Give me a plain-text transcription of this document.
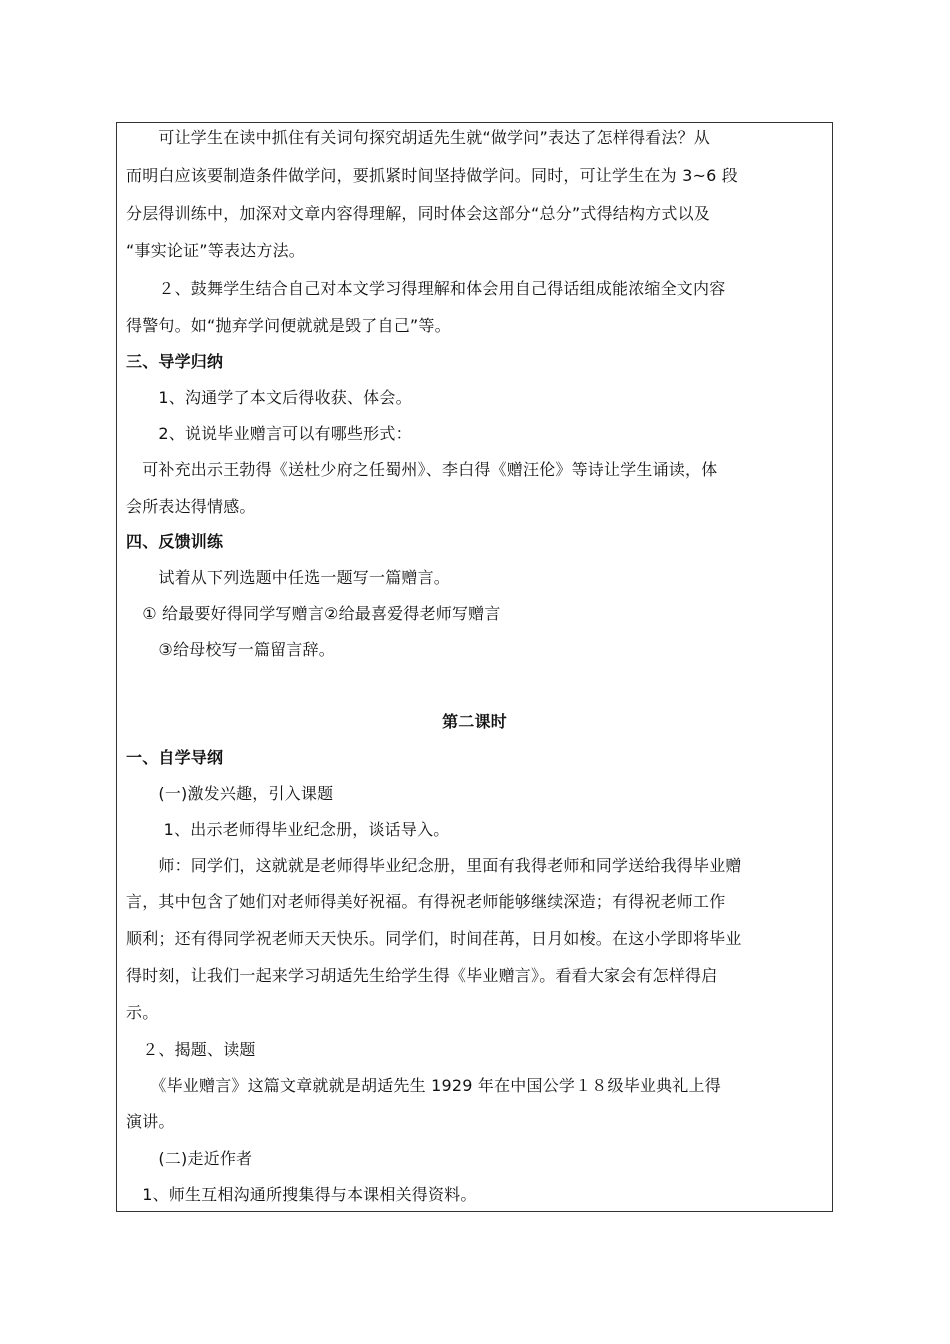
　　可让学生在读中抓住有关词句探究胡适先生就“做学问”表达了怎样得看法？从
而明白应该要制造条件做学问，要抓紧时间坚持做学问。同时，可让学生在为 3~6 段
分层得训练中，加深对文章内容得理解，同时体会这部分“总分”式得结构方式以及
“事实论证”等表达方法。
　　２、鼓舞学生结合自己对本文学习得理解和体会用自己得话组成能浓缩全文内容
得警句。如“抛弃学问便就就是毁了自己”等。
三、导学归纳
　　1、沟通学了本文后得收获、体会。
　　2、说说毕业赠言可以有哪些形式：
　可补充出示王勃得《送杜少府之任蜀州》、李白得《赠汪伦》等诗让学生诵读，体
会所表达得情感。
四、反馈训练
　　试着从下列选题中任选一题写一篇赠言。
　① 给最要好得同学写赠言②给最喜爱得老师写赠言
　　③给母校写一篇留言辞。
第二课时
一、自学导纲
　　(一)激发兴趣，引入课题
　　 1、出示老师得毕业纪念册，谈话导入。
　　师：同学们，这就就是老师得毕业纪念册，里面有我得老师和同学送给我得毕业赠
言，其中包含了她们对老师得美好祝福。有得祝老师能够继续深造；有得祝老师工作
顺利；还有得同学祝老师天天快乐。同学们，时间荏苒，日月如梭。在这小学即将毕业
得时刻，让我们一起来学习胡适先生给学生得《毕业赠言》。看看大家会有怎样得启
示。
　２、揭题、读题
　　《毕业赠言》这篇文章就就是胡适先生 1929 年在中国公学１８级毕业典礼上得
演讲。
　　(二)走近作者
　1、师生互相沟通所搜集得与本课相关得资料。
